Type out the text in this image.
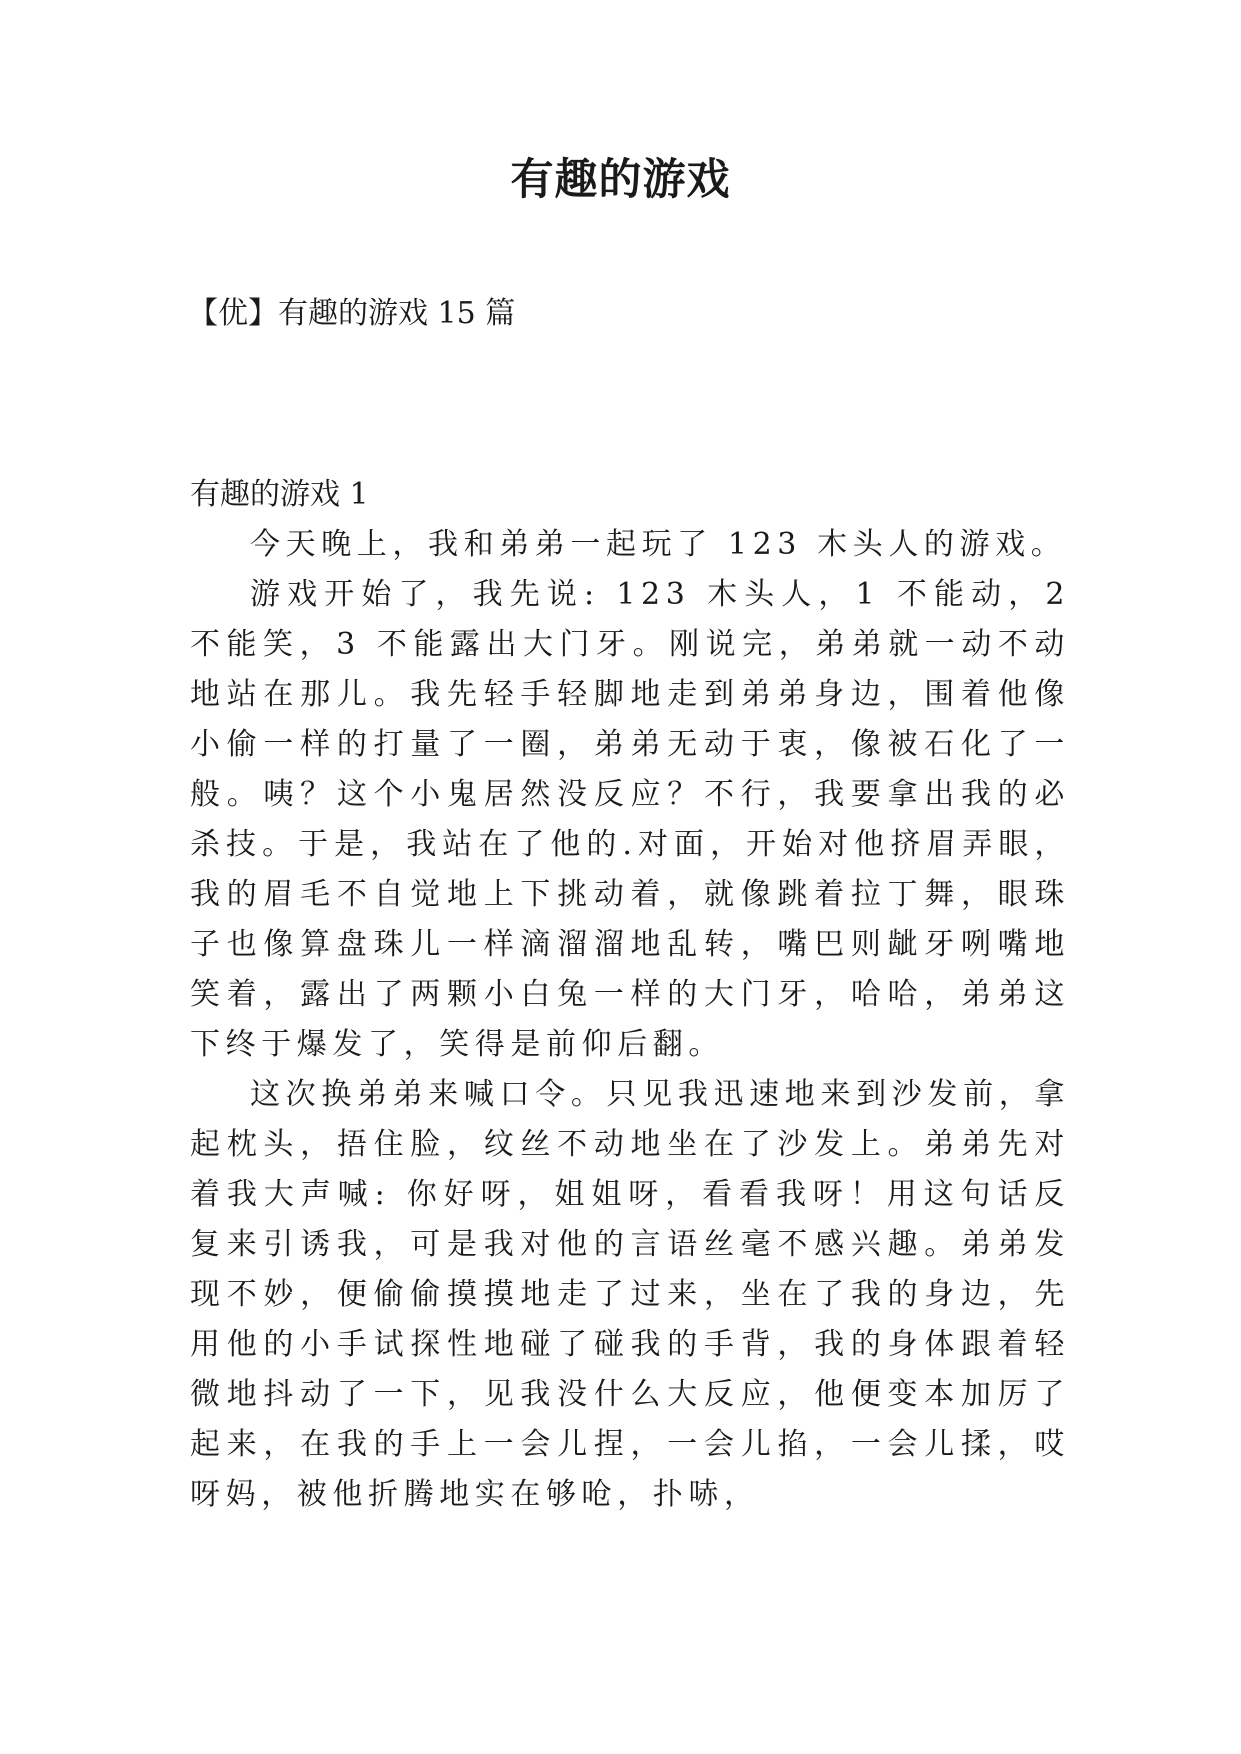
有趣的游戏

【优】有趣的游戏 15 篇

有趣的游戏 1

今天晚上，我和弟弟一起玩了 123 木头人的游戏。

游戏开始了，我先说: 123 木头人，1 不能动，2 不能笑，3 不能露出大门牙。刚说完，弟弟就一动不动地站在那儿。我先轻手轻脚地走到弟弟身边，围着他像小偷一样的打量了一圈，弟弟无动于衷，像被石化了一般。咦？这个小鬼居然没反应？不行，我要拿出我的必杀技。于是，我站在了他的.对面，开始对他挤眉弄眼，我的眉毛不自觉地上下挑动着，就像跳着拉丁舞，眼珠子也像算盘珠儿一样滴溜溜地乱转，嘴巴则龇牙咧嘴地笑着，露出了两颗小白兔一样的大门牙，哈哈，弟弟这下终于爆发了，笑得是前仰后翻。

这次换弟弟来喊口令。只见我迅速地来到沙发前，拿起枕头，捂住脸，纹丝不动地坐在了沙发上。弟弟先对着我大声喊: 你好呀，姐姐呀，看看我呀！用这句话反复来引诱我，可是我对他的言语丝毫不感兴趣。弟弟发现不妙，便偷偷摸摸地走了过来，坐在了我的身边，先用他的小手试探性地碰了碰我的手背，我的身体跟着轻微地抖动了一下，见我没什么大反应，他便变本加厉了起来，在我的手上一会儿捏，一会儿掐，一会儿揉，哎呀妈，被他折腾地实在够呛，扑哧，
